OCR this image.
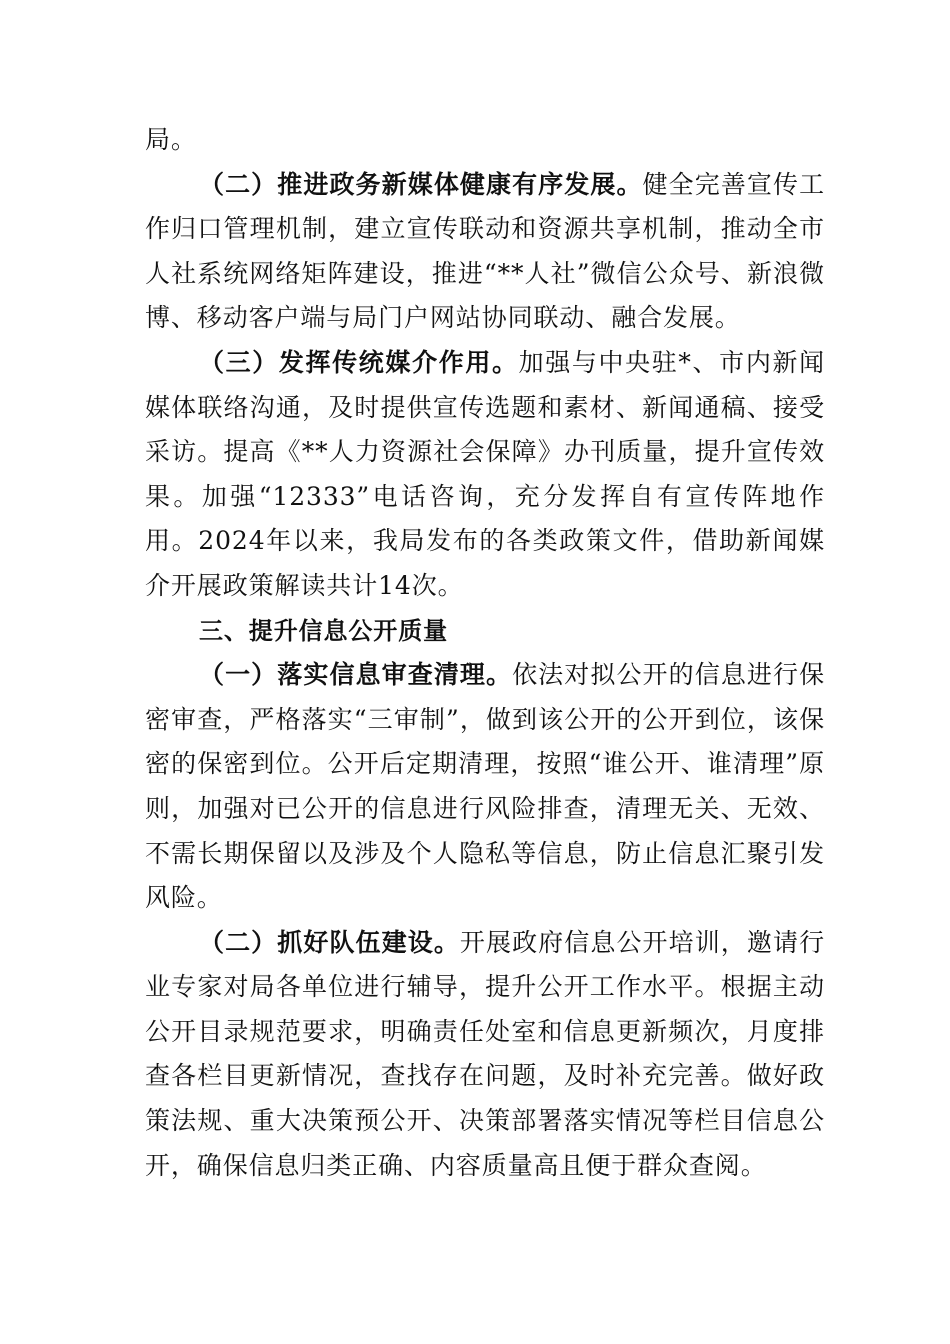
局。

（二）推进政务新媒体健康有序发展。健全完善宣传工作归口管理机制，建立宣传联动和资源共享机制，推动全市人社系统网络矩阵建设，推进“**人社”微信公众号、新浪微博、移动客户端与局门户网站协同联动、融合发展。

（三）发挥传统媒介作用。加强与中央驻*、市内新闻媒体联络沟通，及时提供宣传选题和素材、新闻通稿、接受采访。提高《**人力资源社会保障》办刊质量，提升宣传效果。加强“12333”电话咨询，充分发挥自有宣传阵地作用。2024年以来，我局发布的各类政策文件，借助新闻媒介开展政策解读共计14次。

三、提升信息公开质量

（一）落实信息审查清理。依法对拟公开的信息进行保密审查，严格落实“三审制”，做到该公开的公开到位，该保密的保密到位。公开后定期清理，按照“谁公开、谁清理”原则，加强对已公开的信息进行风险排查，清理无关、无效、不需长期保留以及涉及个人隐私等信息，防止信息汇聚引发风险。

（二）抓好队伍建设。开展政府信息公开培训，邀请行业专家对局各单位进行辅导，提升公开工作水平。根据主动公开目录规范要求，明确责任处室和信息更新频次，月度排查各栏目更新情况，查找存在问题，及时补充完善。做好政策法规、重大决策预公开、决策部署落实情况等栏目信息公开，确保信息归类正确、内容质量高且便于群众查阅。
